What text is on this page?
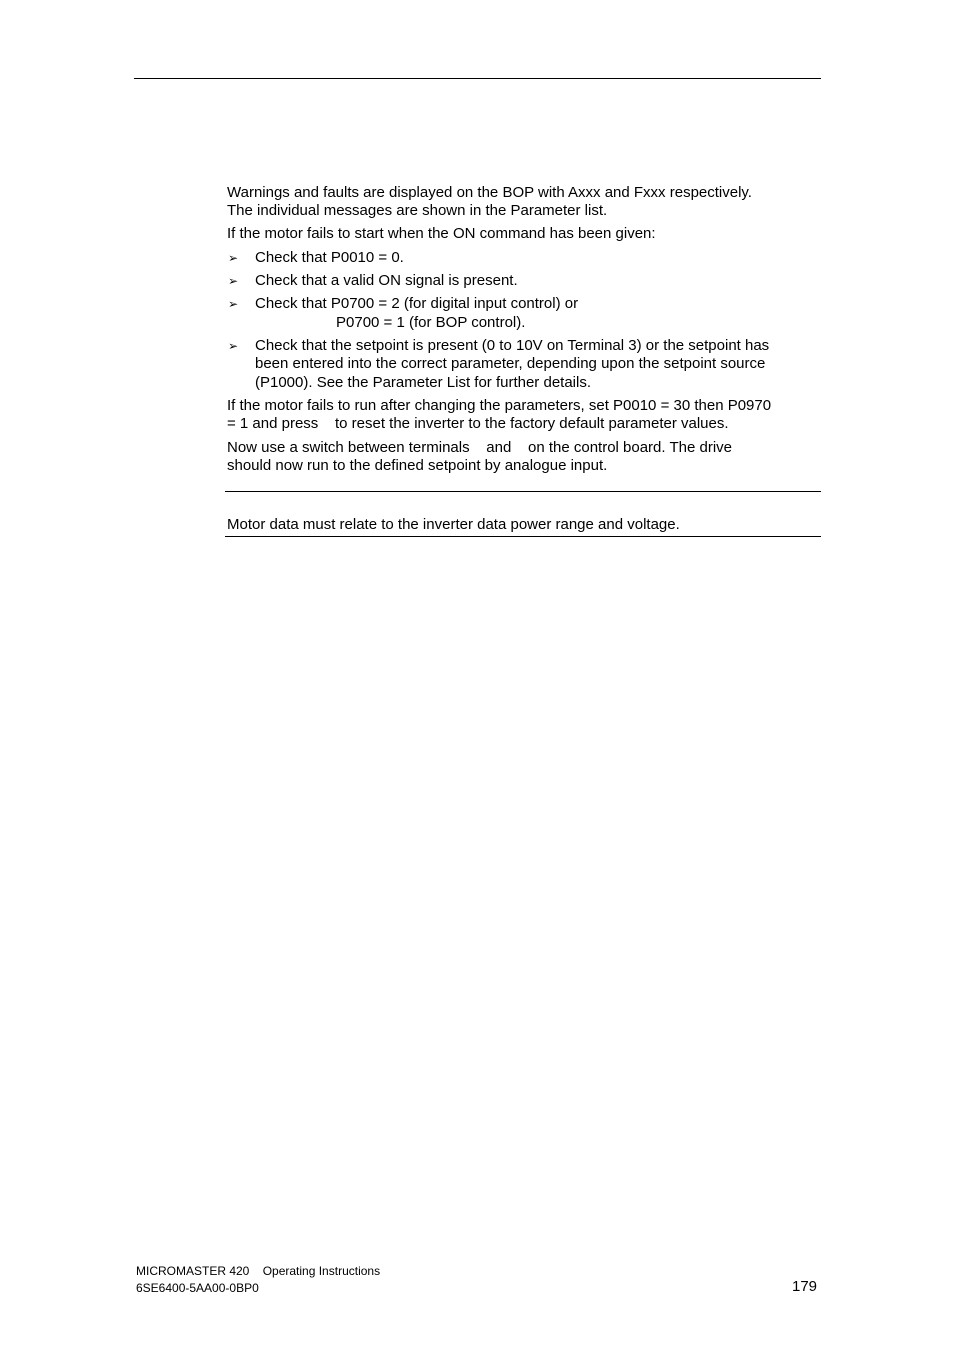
Warnings and faults are displayed on the BOP with Axxx and Fxxx respectively.
The individual messages are shown in the Parameter list.
If the motor fails to start when the ON command has been given:
➢ Check that P0010 = 0.
➢ Check that a valid ON signal is present.
➢ Check that P0700 = 2 (for digital input control) or
P0700 = 1 (for BOP control).
➢ Check that the setpoint is present (0 to 10V on Terminal 3) or the setpoint has
been entered into the correct parameter, depending upon the setpoint source
(P1000). See the Parameter List for further details.
If the motor fails to run after changing the parameters, set P0010 = 30 then P0970
= 1 and press    to reset the inverter to the factory default parameter values.
Now use a switch between terminals    and    on the control board. The drive
should now run to the defined setpoint by analogue input.
Motor data must relate to the inverter data power range and voltage.
MICROMASTER 420    Operating Instructions
6SE6400-5AA00-0BP0	179
